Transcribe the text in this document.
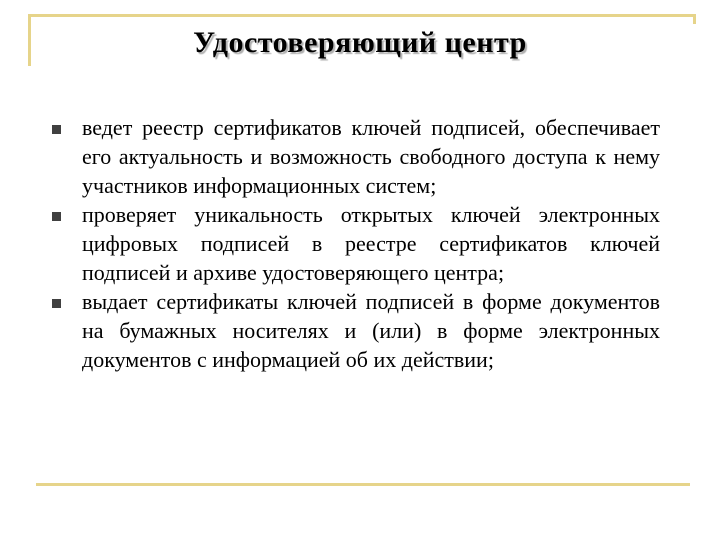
Удостоверяющий центр
ведет реестр сертификатов ключей подписей, обеспечивает его актуальность и возможность свободного доступа к нему участников информационных систем;
проверяет уникальность открытых ключей электронных цифровых подписей в реестре сертификатов ключей подписей и архиве удостоверяющего центра;
выдает сертификаты ключей подписей в форме документов на бумажных носителях и (или) в форме электронных документов с информацией об их действии;
